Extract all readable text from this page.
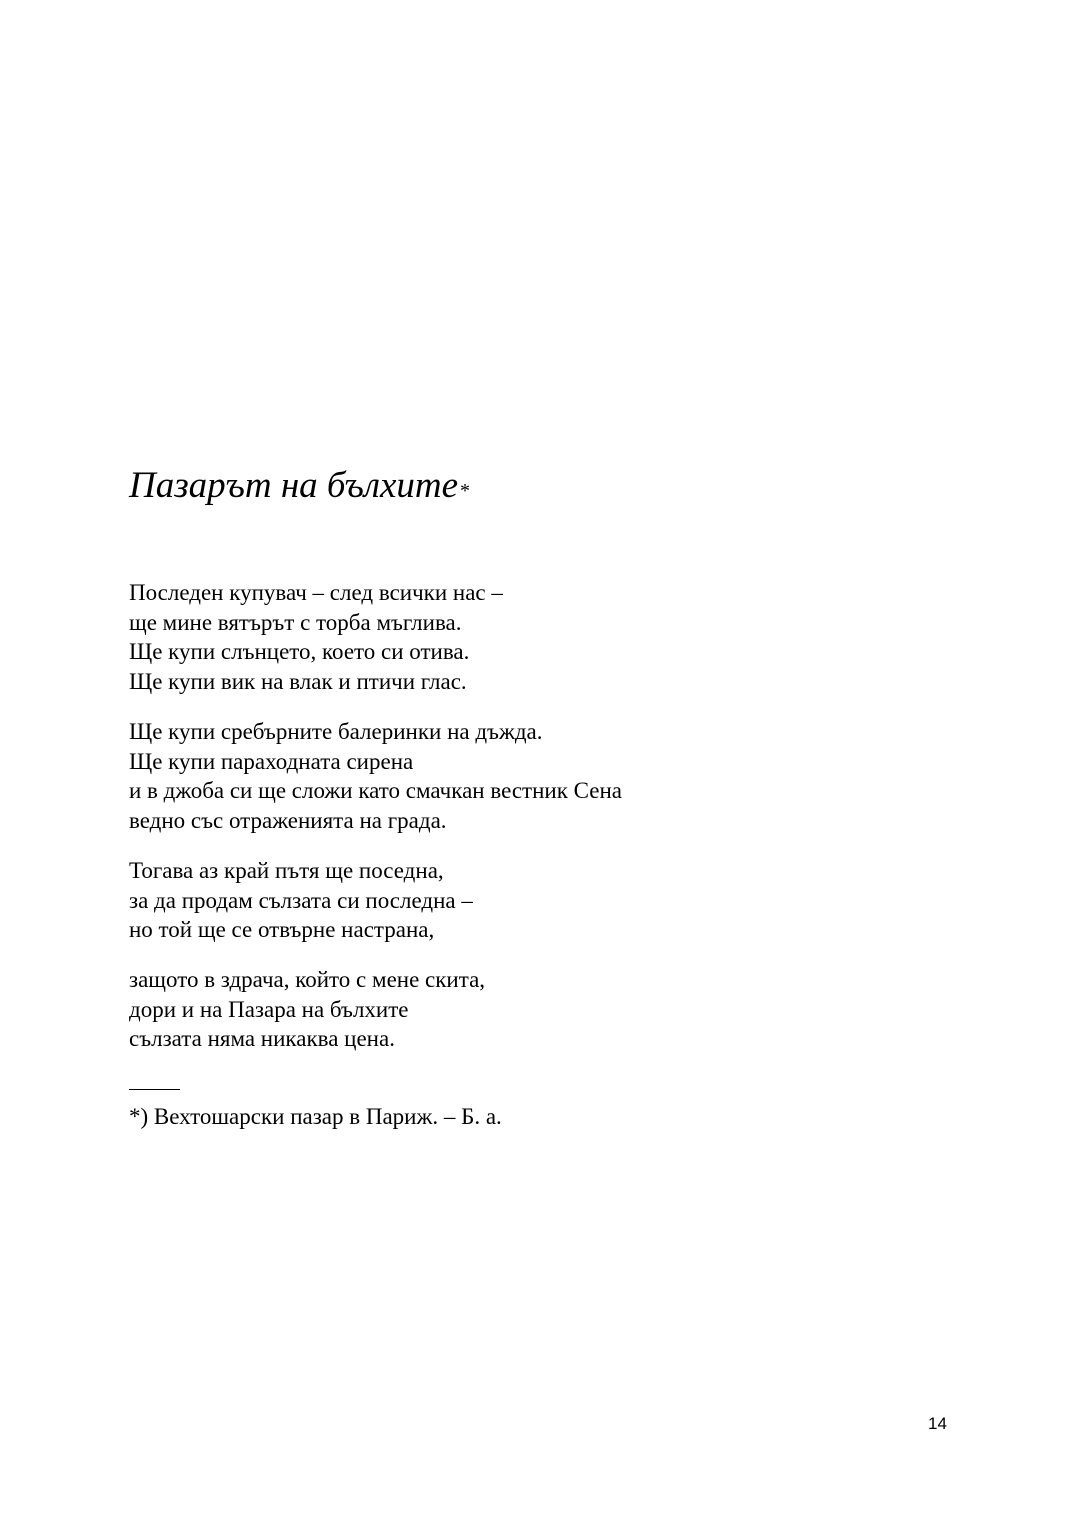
Пазарът на бълхите *

Последен купувач – след всички нас –
ще мине вятърът с торба мъглива.
Ще купи слънцето, което си отива.
Ще купи вик на влак и птичи глас.

Ще купи сребърните балеринки на дъжда.
Ще купи параходната сирена
и в джоба си ще сложи като смачкан вестник Сена
ведно със отраженията на града.

Тогава аз край пътя ще поседна,
за да продам сълзата си последна –
но той ще се отвърне настрана,

защото в здрача, който с мене скита,
дори и на Пазара на бълхите
сълзата няма никаква цена.

*) Вехтошарски пазар в Париж. – Б. а.

14
